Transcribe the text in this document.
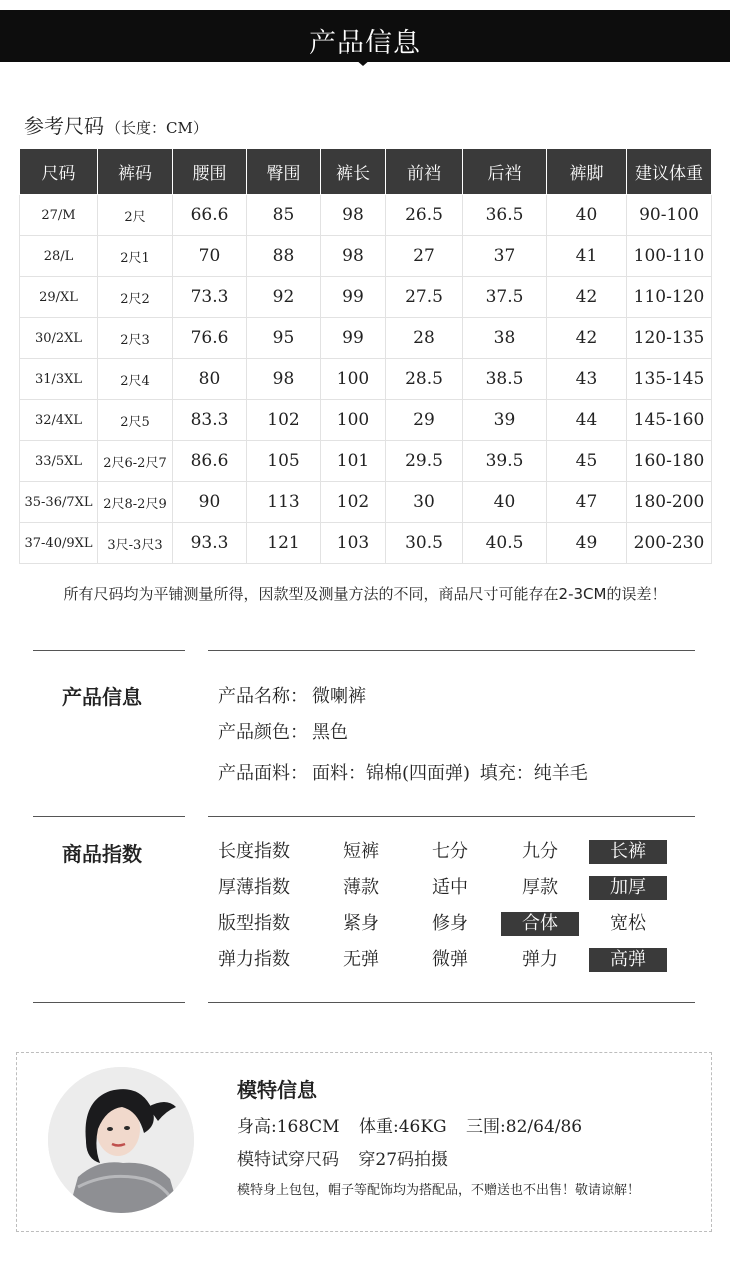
产品信息
参考尺码 （长度：CM）
尺码	裤码	腰围	臀围	裤长	前裆	后裆	裤脚	建议体重
27/M	2尺	66.6	85	98	26.5	36.5	40	90-100
28/L	2尺1	70	88	98	27	37	41	100-110
29/XL	2尺2	73.3	92	99	27.5	37.5	42	110-120
30/2XL	2尺3	76.6	95	99	28	38	42	120-135
31/3XL	2尺4	80	98	100	28.5	38.5	43	135-145
32/4XL	2尺5	83.3	102	100	29	39	44	145-160
33/5XL	2尺6-2尺7	86.6	105	101	29.5	39.5	45	160-180
35-36/7XL	2尺8-2尺9	90	113	102	30	40	47	180-200
37-40/9XL	3尺-3尺3	93.3	121	103	30.5	40.5	49	200-230
所有尺码均为平铺测量所得，因款型及测量方法的不同，商品尺寸可能存在2-3CM的误差！
产品信息	产品名称： 微喇裤
产品颜色： 黑色
产品面料： 面料：锦棉(四面弹) 填充：纯羊毛
商品指数	长度指数	短裤	七分	九分	长裤
厚薄指数	薄款	适中	厚款	加厚
版型指数	紧身	修身	合体	宽松
弹力指数	无弹	微弹	弹力	高弹
模特信息
身高:168CM 体重:46KG 三围:82/64/86
模特试穿尺码 穿27码拍摄
模特身上包包，帽子等配饰均为搭配品，不赠送也不出售！敬请谅解！
